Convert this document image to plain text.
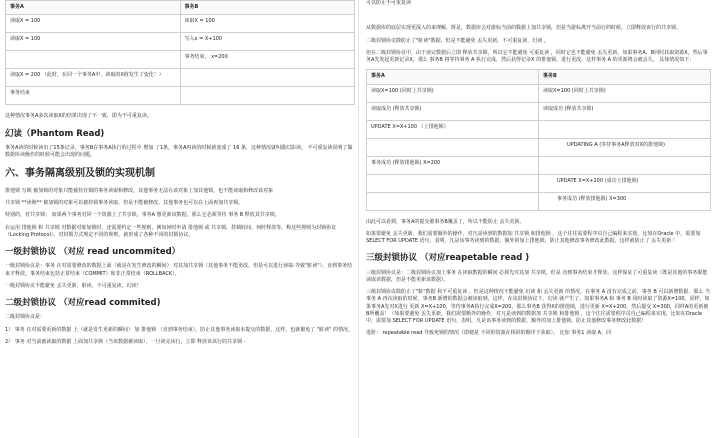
事务A	事务B
读取X = 100	读取X = 100
读取X = 100	写入x = X+100
	事务结束， x=200
读取X = 200 （此时，在同一个事务A中，读取的X值发生了变化！）	
事务结束	

这种情况事务A多次读取X的结果出现了不一致，即为不可重复读。

幻读（Phantom Read)

事务A读的时候读出了15条记录，事务B在事务A执行的过程中 增加 了1条，事务A再读的时候就变成了 16 条，这种情况就叫做幻影读。 不可重复读说明了做数据库读操作的时候可能会出现的问题。

六、事务隔离级别及锁的实现机制

排他锁 写锁 被加锁的对象只能被持有锁的事务读取和修改，其他事务无法在该对象上加其他锁，也不能读取和修改该对象

共享锁 **读锁** 被加锁的对象可以被持锁事务读取，但是不能被修改，其他事务也可以在上面再加共享锁。

特别的，对共享锁： 如果两个事务对同一个资源上了共享锁，事务A 想更新该数据，那么它必须等待 事务 B 释放其共享锁。

在运用 排他锁 和 共享锁 对数据对象加锁时，还需要约定一些规则，例如何时申请 排他锁 或 共享锁、持锁时间、何时释放等。称这些规则为封锁协议（Locking Protocol）。对封锁方式规定不同的规则，就形成了各种不同的封锁协议。

一级封锁协议 （对应 read uncommited）

一级封锁协议是：事务 在对需要修改的数据上面（就是在发生修改的瞬间） 对其加共享锁（其他事务不能更改，但是可以进行读取-导致"脏读"），直到事务结束才释放。事务结束包括正常结束（COMMIT）和非正常结束（ROLLBACK）。

一级封锁协议不能避免 丢失更新，脏读，不可重复读，幻读！

二级封锁协议 （对应read commited)

二级封锁协议是：

1） 事务 在对需要更新的数据 上（就是发生更新的瞬间） 加 排他锁 （直到事务结束），防止其他事务读取未提交的数据，这样，也就避免了 "脏读" 的情况。

2） 事务 对当前被读取的数据 上面加共享锁（当该数据被读取），一旦读完该行，立即 释放该该行的共享锁 -

可以防止不可重复读

从数据库的底层实现更深入的来理解，既是，数据库会对游标当前的数据上加共享锁，但是当游标离开当前行的时候，立即释放该行的共享锁。

二级封锁协议除防止了"脏读"数据，但是不能避免 丢失更新，不可重复读，幻读 。

但在二级封锁协议中，由于读完数据后立即 释放共享锁，所以它不能避免 可重复读 ，同时它也不能避免 丢失更新，如果事务A、B同时获取资源X，然后事务A先发起更新记录X，那么 事务B 将等待事务 A 执行完成，然后获得记录X 的排他锁，进行更改。这样事务 A 的更新将会被丢失。 具体情况如下：

事务A	事务B
读取X=100 (同时上共享锁)	读取X=100 (同时上共享锁)
读取成功 (释放共享锁)	读取成功 (释放共享锁)
UPDATE X=X+100 （上排他锁）	
	UPDATING A (等待事务A释放对X的排他锁)
事务成功 (释放排他锁) X=200	
	UPDATE X=X+200 (成功上排他锁)
	事务成功 (释放排他锁) X=300

由此可以看到，事务A的提交被事务B覆盖了，所以不能防止 丢失更新。

如果要避免 丢失更新，我们需要额外的操作，对凡是读到的数据加 共享锁 和排他锁 ，这个往往需要程序员自己编程来实现，比如在Oracle 中，需要加 SELECT FOR UPDATE 语句，表明，凡是该事务读到的数据，额外的加上排他锁，防止其他修改事务修改此数据，这样就防止了 丢失更新 ！

三级封锁协议 （对应reapetable read )

三级封锁协议是：二级封锁协议加上事务 在读取数据的瞬间 必须先对其加 共享锁，但是 直到事务结束才释放，这样保证了可重复读（既是其他的事务职能读取该数据，但是不能更新该数据）。

三级封锁协议除防止了"脏"数据 和不可重复读 。但是这种情况不能避免 幻读 和 丢失更新 的情况，在事务 A 没有完成之前，事务 B 可以新增数据，那么 当事务 A 再次读取的时候，事务B 新增的数据会被读取到，这样，在该封锁协议下，幻读 就产生了。如果事务A 和 事务 B 同时读取了资源X=100，同样，如果事务A先对X进行 更新 X=X+100，等待事务A执行完成X=200，那么事务B 获得X的排他锁，进行更新 X=X+200，然后提交 X=300，同样A的更新被B所覆盖！（如果要避免 丢失更新，我们需要额外的操作，对凡是读到的数据加 共享锁 和排他锁 ，这个往往需要程序员自己编程来实现，比如在Oracle 中，需要加 SELECT FOR UPDATE 语句，表明，凡是该事务读到的数据，额外的加上排他锁，防止其他修改事务修改此数据）

进阶： repeatable read 导致死锁的情况（即便是 不同的资源在相同的顺序下获取）。 比如 事务1 读取 A，同
